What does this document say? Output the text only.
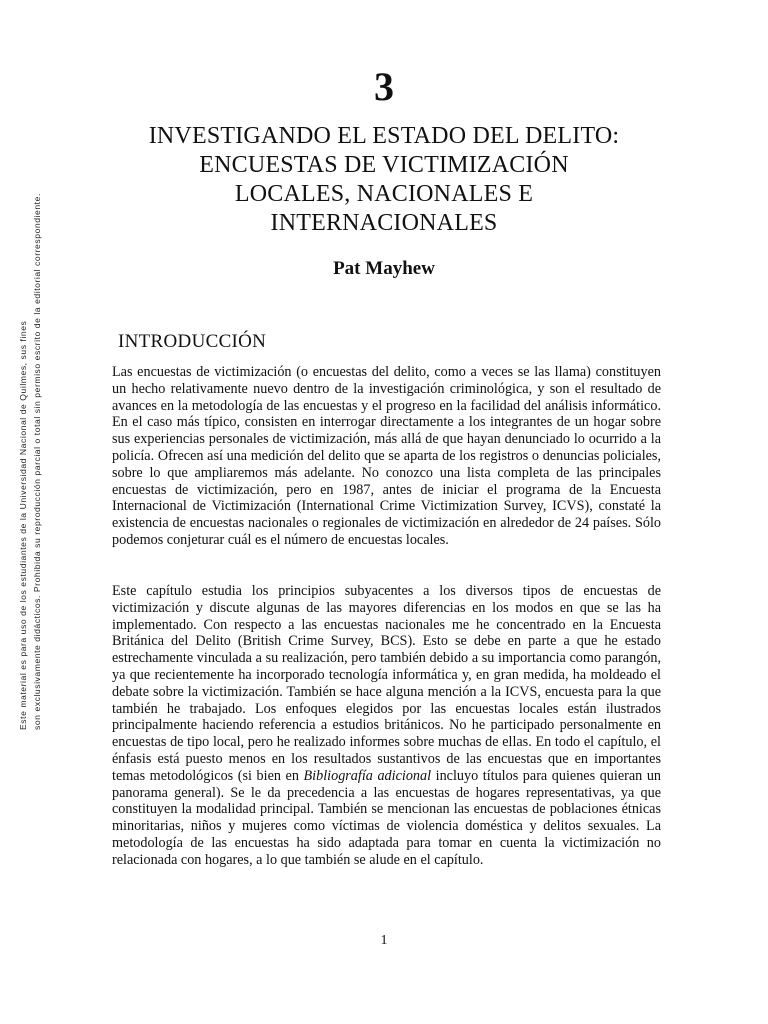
Este material es para uso de los estudiantes de la Universidad Nacional de Quilmes, sus fines son exclusivamente didácticos. Prohibida su reproducción parcial o total sin permiso escrito de la editorial correspondiente.
3
INVESTIGANDO EL ESTADO DEL DELITO:
ENCUESTAS DE VICTIMIZACIÓN
LOCALES, NACIONALES E
INTERNACIONALES
Pat Mayhew
INTRODUCCIÓN

Las encuestas de victimización (o encuestas del delito, como a veces se las llama) constituyen un hecho relativamente nuevo dentro de la investigación criminológica, y son el resultado de avances en la metodología de las encuestas y el progreso en la facilidad del análisis informático. En el caso más típico, consisten en interrogar directamente a los integrantes de un hogar sobre sus experiencias personales de victimización, más allá de que hayan denunciado lo ocurrido a la policía. Ofrecen así una medición del delito que se aparta de los registros o denuncias policiales, sobre lo que ampliaremos más adelante. No conozco una lista completa de las principales encuestas de victimización, pero en 1987, antes de iniciar el programa de la Encuesta Internacional de Victimización (International Crime Victimization Survey, ICVS), constaté la existencia de encuestas nacionales o regionales de victimización en alrededor de 24 países. Sólo podemos conjeturar cuál es el número de encuestas locales.

Este capítulo estudia los principios subyacentes a los diversos tipos de encuestas de victimización y discute algunas de las mayores diferencias en los modos en que se las ha implementado. Con respecto a las encuestas nacionales me he concentrado en la Encuesta Británica del Delito (British Crime Survey, BCS). Esto se debe en parte a que he estado estrechamente vinculada a su realización, pero también debido a su importancia como parangón, ya que recientemente ha incorporado tecnología informática y, en gran medida, ha moldeado el debate sobre la victimización. También se hace alguna mención a la ICVS, encuesta para la que también he trabajado. Los enfoques elegidos por las encuestas locales están ilustrados principalmente haciendo referencia a estudios británicos. No he participado personalmente en encuestas de tipo local, pero he realizado informes sobre muchas de ellas. En todo el capítulo, el énfasis está puesto menos en los resultados sustantivos de las encuestas que en importantes temas metodológicos (si bien en Bibliografía adicional incluyo títulos para quienes quieran un panorama general). Se le da precedencia a las encuestas de hogares representativas, ya que constituyen la modalidad principal. También se mencionan las encuestas de poblaciones étnicas minoritarias, niños y mujeres como víctimas de violencia doméstica y delitos sexuales. La metodología de las encuestas ha sido adaptada para tomar en cuenta la victimización no relacionada con hogares, a lo que también se alude en el capítulo.

1
